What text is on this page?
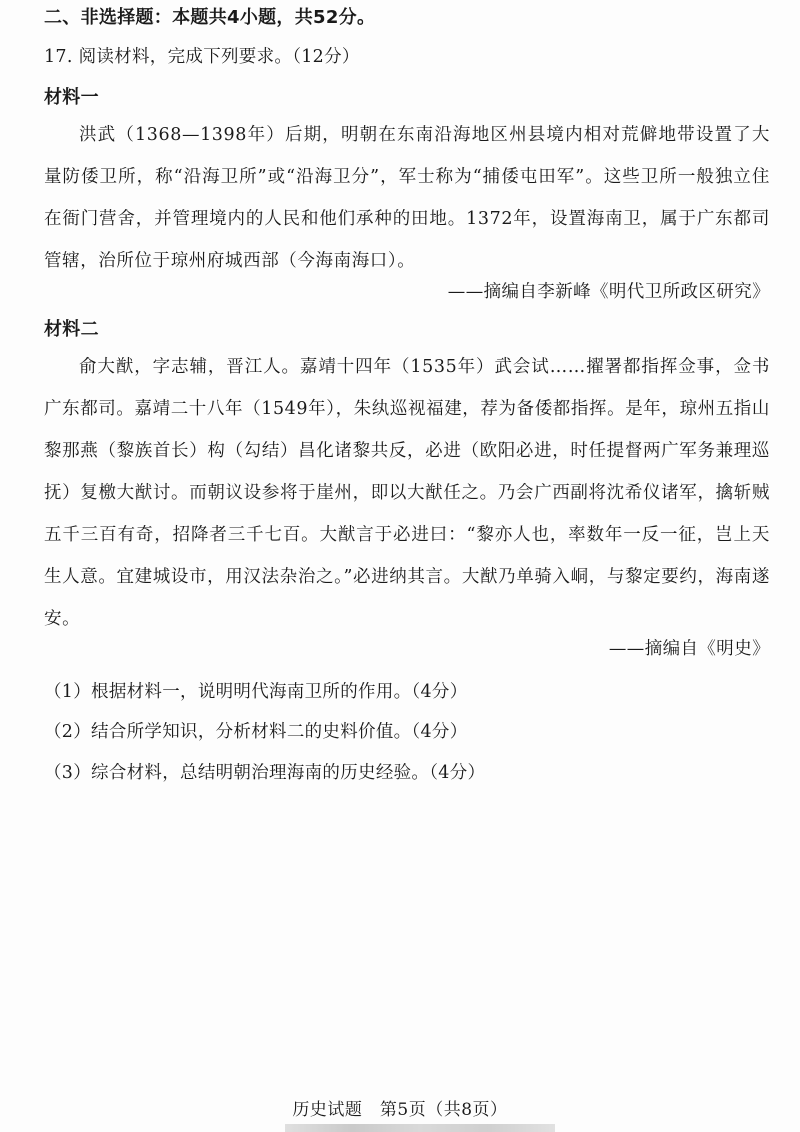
二、非选择题：本题共4小题，共52分。
17. 阅读材料，完成下列要求。（12分）
材料一
洪武（1368—1398年）后期，明朝在东南沿海地区州县境内相对荒僻地带设置了大量防倭卫所，称“沿海卫所”或“沿海卫分”，军士称为“捕倭屯田军”。这些卫所一般独立住在衙门营舍，并管理境内的人民和他们承种的田地。1372年，设置海南卫，属于广东都司管辖，治所位于琼州府城西部（今海南海口）。
——摘编自李新峰《明代卫所政区研究》
材料二
俞大猷，字志辅，晋江人。嘉靖十四年（1535年）武会试……擢署都指挥佥事，佥书广东都司。嘉靖二十八年（1549年），朱纨巡视福建，荐为备倭都指挥。是年，琼州五指山黎那燕（黎族首长）构（勾结）昌化诸黎共反，必进（欧阳必进，时任提督两广军务兼理巡抚）复檄大猷讨。而朝议设参将于崖州，即以大猷任之。乃会广西副将沈希仪诸军，擒斩贼五千三百有奇，招降者三千七百。大猷言于必进曰：“黎亦人也，率数年一反一征，岂上天生人意。宜建城设市，用汉法杂治之。”必进纳其言。大猷乃单骑入峒，与黎定要约，海南遂安。
——摘编自《明史》
（1）根据材料一，说明明代海南卫所的作用。（4分）
（2）结合所学知识，分析材料二的史料价值。（4分）
（3）综合材料，总结明朝治理海南的历史经验。（4分）
历史试题　第5页（共8页）
